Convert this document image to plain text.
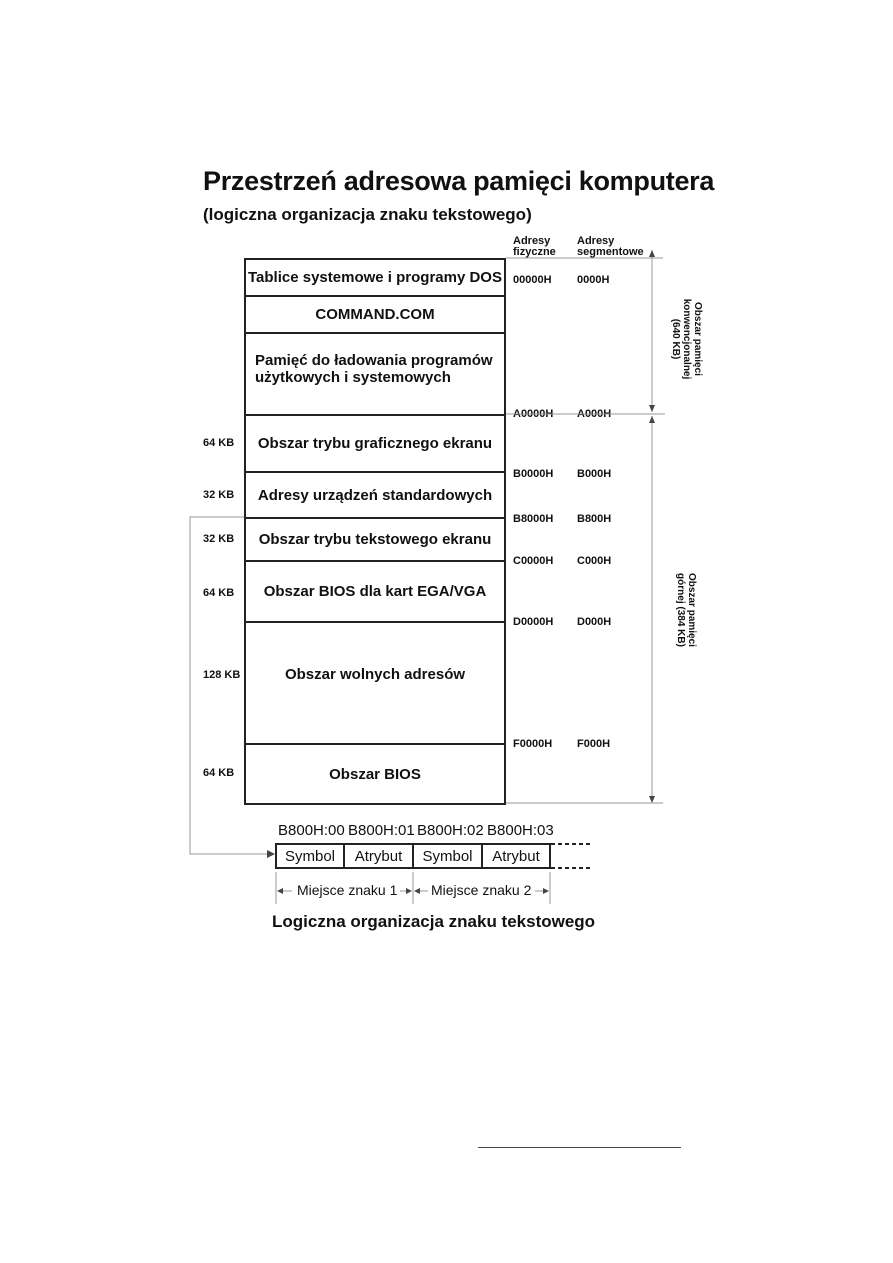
Przestrzeń adresowa pamięci komputera
(logiczna organizacja znaku tekstowego)
Adresy
fizyczne
Adresy
segmentowe
Tablice systemowe i programy DOS
COMMAND.COM
Pamięć do ładowania programów
użytkowych i systemowych
Obszar trybu graficznego ekranu
Adresy urządzeń standardowych
Obszar trybu tekstowego ekranu
Obszar BIOS dla kart EGA/VGA
Obszar wolnych adresów
Obszar BIOS
64 KB
32 KB
32 KB
64 KB
128 KB
64 KB
00000H 0000H
A0000H A000H
B0000H B000H
B8000H B800H
C0000H C000H
D0000H D000H
F0000H F000H
Obszar pamięci
konwencjonalnej
(640 KB)
Obszar pamięci
górnej (384 KB)
B800H:00 B800H:01 B800H:02 B800H:03
Symbol	Atrybut	Symbol	Atrybut
Miejsce znaku 1 Miejsce znaku 2
Logiczna organizacja znaku tekstowego
